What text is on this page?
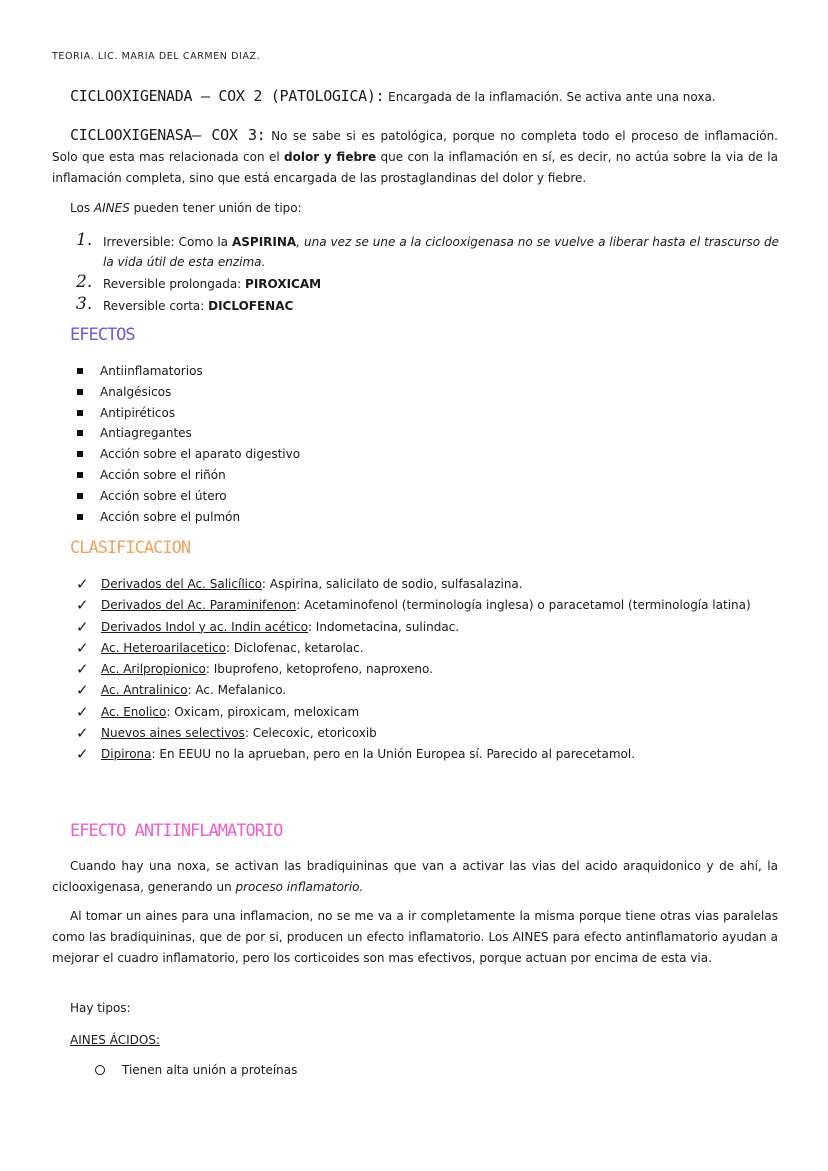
TEORIA. LIC. MARIA DEL CARMEN DIAZ.
CICLOOXIGENADA – COX 2 (PATOLOGICA): Encargada de la inflamación. Se activa ante una noxa.
CICLOOXIGENASA– COX 3: No se sabe si es patológica, porque no completa todo el proceso de inflamación. Solo que esta mas relacionada con el dolor y fiebre que con la inflamación en sí, es decir, no actúa sobre la via de la inflamación completa, sino que está encargada de las prostaglandinas del dolor y fiebre.
Los AINES pueden tener unión de tipo:
1. Irreversible: Como la ASPIRINA, una vez se une a la ciclooxigenasa no se vuelve a liberar hasta el trascurso de la vida útil de esta enzima.
2. Reversible prolongada: PIROXICAM
3. Reversible corta: DICLOFENAC
EFECTOS
Antiinflamatorios
Analgésicos
Antipiréticos
Antiagregantes
Acción sobre el aparato digestivo
Acción sobre el riñón
Acción sobre el útero
Acción sobre el pulmón
CLASIFICACION
✓ Derivados del Ac. Salicílico: Aspirina, salicilato de sodio, sulfasalazina.
✓ Derivados del Ac. Paraminifenon: Acetaminofenol (terminología inglesa) o paracetamol (terminología latina)
✓ Derivados Indol y ac. Indin acético: Indometacina, sulindac.
✓ Ac. Heteroarilacetico: Diclofenac, ketarolac.
✓ Ac. Arilpropionico: Ibuprofeno, ketoprofeno, naproxeno.
✓ Ac. Antralinico: Ac. Mefalanico.
✓ Ac. Enolico: Oxicam, piroxicam, meloxicam
✓ Nuevos aines selectivos: Celecoxic, etoricoxib
✓ Dipirona: En EEUU no la aprueban, pero en la Unión Europea sí. Parecido al parecetamol.
EFECTO ANTIINFLAMATORIO
Cuando hay una noxa, se activan las bradiquininas que van a activar las vias del acido araquidonico y de ahí, la ciclooxigenasa, generando un proceso inflamatorio.
Al tomar un aines para una inflamacion, no se me va a ir completamente la misma porque tiene otras vias paralelas como las bradiquininas, que de por si, producen un efecto inflamatorio. Los AINES para efecto antinflamatorio ayudan a mejorar el cuadro inflamatorio, pero los corticoides son mas efectivos, porque actuan por encima de esta via.
Hay tipos:
AINES ÁCIDOS:
Tienen alta unión a proteínas
